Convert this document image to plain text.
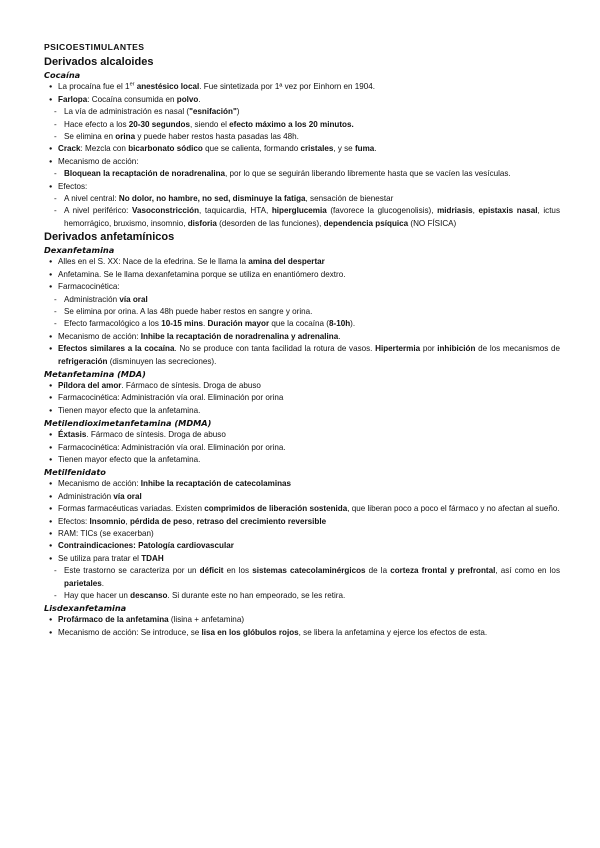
PSICOESTIMULANTES
Derivados alcaloides
Cocaína
● La procaína fue el 1er anestésico local. Fue sintetizada por 1ª vez por Einhorn en 1904.
● Farlopa: Cocaína consumida en polvo.
- La vía de administración es nasal ("esnifación")
- Hace efecto a los 20-30 segundos, siendo el efecto máximo a los 20 minutos.
- Se elimina en orina y puede haber restos hasta pasadas las 48h.
● Crack: Mezcla con bicarbonato sódico que se calienta, formando cristales, y se fuma.
● Mecanismo de acción:
- Bloquean la recaptación de noradrenalina, por lo que se seguirán liberando libremente hasta que se vacíen las vesículas.
● Efectos:
- A nivel central: No dolor, no hambre, no sed, disminuye la fatiga, sensación de bienestar
- A nivel periférico: Vasoconstricción, taquicardia, HTA, hiperglucemia (favorece la glucogenolisis), midriasis, epistaxis nasal, ictus hemorrágico, bruxismo, insomnio, disforia (desorden de las funciones), dependencia psíquica (NO FÍSICA)
Derivados anfetamínicos
Dexanfetamina
● Alles en el S. XX: Nace de la efedrina. Se le llama la amina del despertar
● Anfetamina. Se le llama dexanfetamina porque se utiliza en enantiómero dextro.
● Farmacocinética:
- Administración vía oral
- Se elimina por orina. A las 48h puede haber restos en sangre y orina.
- Efecto farmacológico a los 10-15 mins. Duración mayor que la cocaína (8-10h).
● Mecanismo de acción: Inhibe la recaptación de noradrenalina y adrenalina.
● Efectos similares a la cocaína. No se produce con tanta facilidad la rotura de vasos. Hipertermia por inhibición de los mecanismos de refrigeración (disminuyen las secreciones).
Metanfetamina (MDA)
● Píldora del amor. Fármaco de síntesis. Droga de abuso
● Farmacocinética: Administración vía oral. Eliminación por orina
● Tienen mayor efecto que la anfetamina.
Metilendioximetanfetamina (MDMA)
● Éxtasis. Fármaco de síntesis. Droga de abuso
● Farmacocinética: Administración vía oral. Eliminación por orina.
● Tienen mayor efecto que la anfetamina.
Metilfenidato
● Mecanismo de acción: Inhibe la recaptación de catecolaminas
● Administración vía oral
● Formas farmacéuticas variadas. Existen comprimidos de liberación sostenida, que liberan poco a poco el fármaco y no afectan al sueño.
● Efectos: Insomnio, pérdida de peso, retraso del crecimiento reversible
● RAM: TICs (se exacerban)
● Contraindicaciones: Patología cardiovascular
● Se utiliza para tratar el TDAH
- Este trastorno se caracteriza por un déficit en los sistemas catecolaminérgicos de la corteza frontal y prefrontal, así como en los parietales.
- Hay que hacer un descanso. Si durante este no han empeorado, se les retira.
Lisdexanfetamina
● Profármaco de la anfetamina (lisina + anfetamina)
● Mecanismo de acción: Se introduce, se lisa en los glóbulos rojos, se libera la anfetamina y ejerce los efectos de esta.
